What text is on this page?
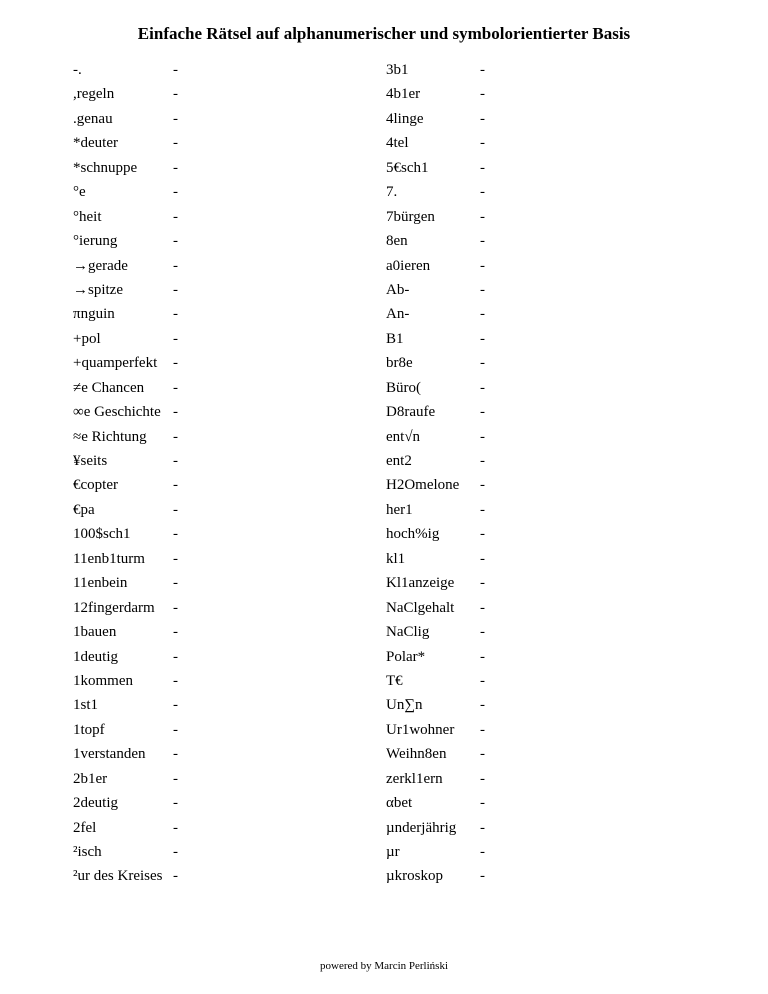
Einfache Rätsel auf alphanumerischer und symbolorientierter Basis
-.	-
,regeln	-
.genau	-
*deuter	-
*schnuppe -
°e	-
°heit	-
°ierung	-
→gerade	-
→spitze	-
πnguin	-
+pol	-
+quamperfekt -
≠e Chancen -
∞e Geschichte -
≈e Richtung -
¥seits	-
€copter	-
€pa	-
100$sch1	-
11enb1turm -
11enbein	-
12fingerdarm -
1bauen	-
1deutig	-
1kommen	-
1st1	-
1topf	-
1verstanden -
2b1er	-
2deutig	-
2fel	-
²isch	-
²ur des Kreises -
3b1	-
4b1er	-
4linge	-
4tel	-
5€sch1	-
7.	-
7bürgen	-
8en	-
a0ieren	-
Ab-	-
An-	-
B1	-
br8e	-
Büro(	-
D8raufe	-
ent√n	-
ent2	-
H2Omelone -
her1	-
hoch%ig	-
kl1	-
Kl1anzeige -
NaClgehalt -
NaClig	-
Polar*	-
T€	-
Un∑n	-
Ur1wohner -
Weihn8en -
zerkl1ern -
αbet	-
µnderjährig -
µr	-
µkroskop -
powered by Marcin Perliński
